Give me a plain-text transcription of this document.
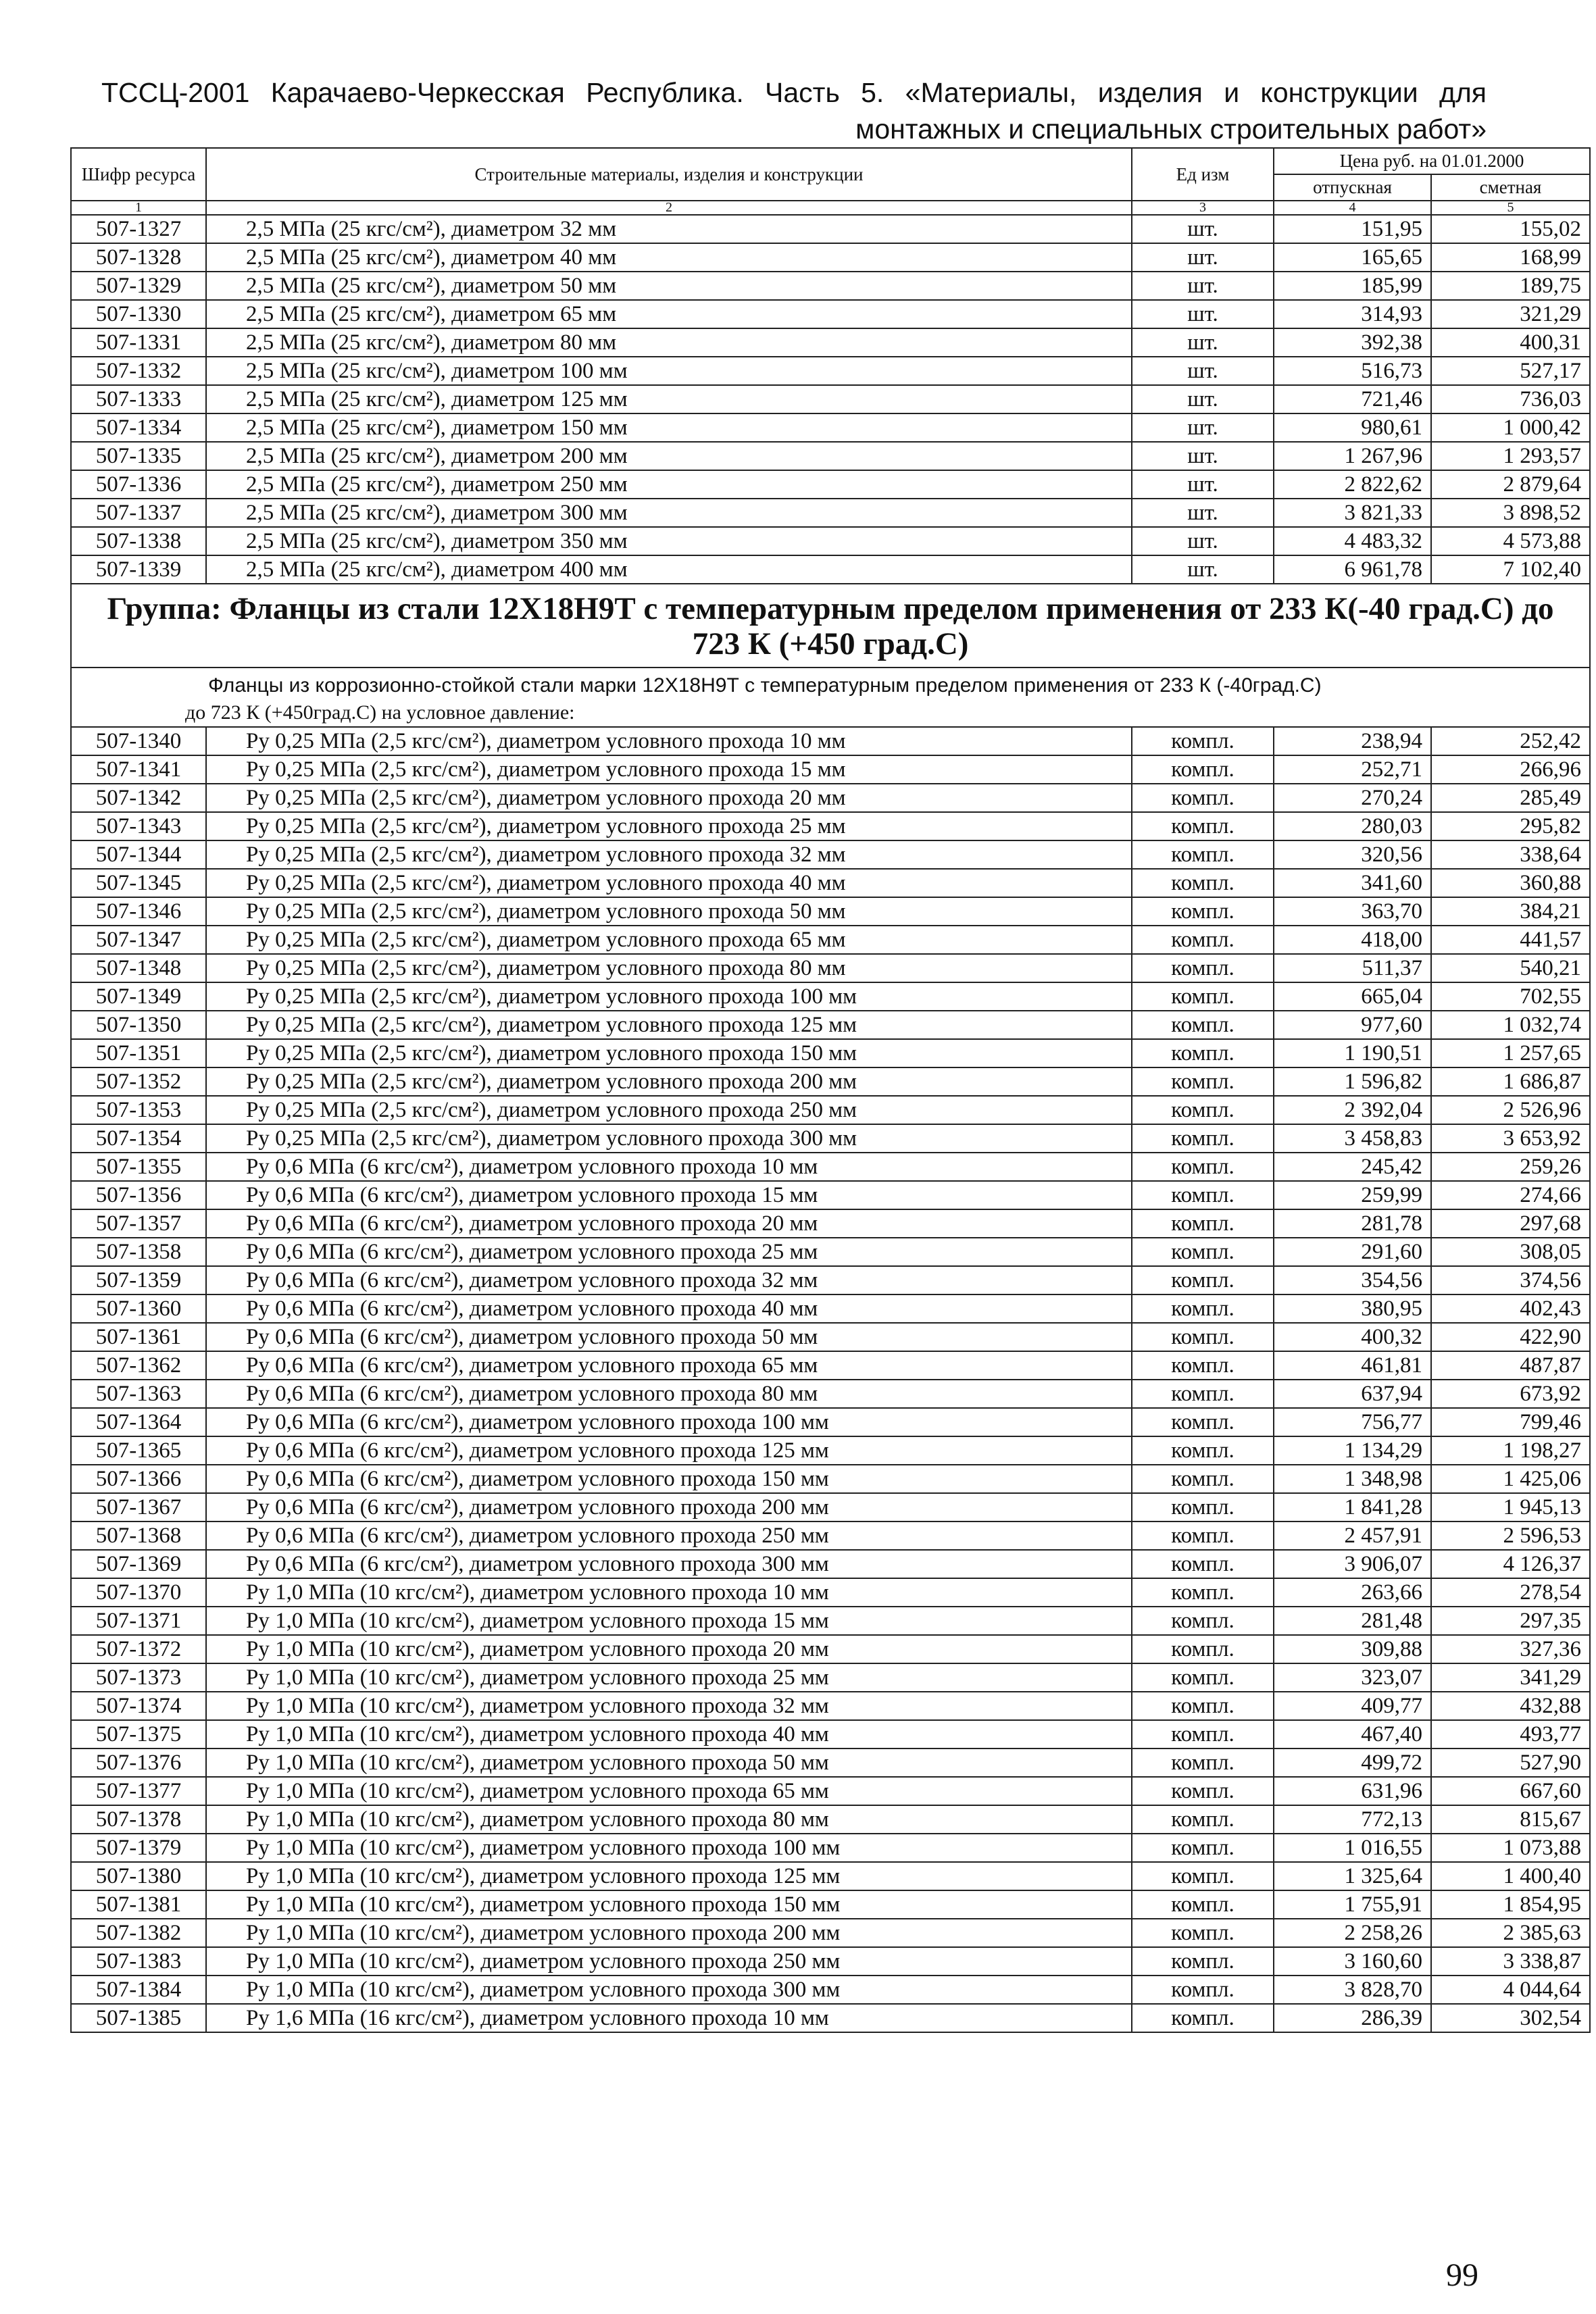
ТССЦ-2001 Карачаево-Черкесская Республика. Часть 5. «Материалы, изделия и конструкции для монтажных и специальных строительных работ»
Шифр ресурса	Строительные материалы, изделия и конструкции	Ед изм	Цена руб. на 01.01.2000	
			отпускная	сметная
1	2	3	4	5
507-1327	2,5 МПа (25 кгс/см²), диаметром 32 мм	шт.	151,95	155,02
507-1328	2,5 МПа (25 кгс/см²), диаметром 40 мм	шт.	165,65	168,99
507-1329	2,5 МПа (25 кгс/см²), диаметром 50 мм	шт.	185,99	189,75
507-1330	2,5 МПа (25 кгс/см²), диаметром 65 мм	шт.	314,93	321,29
507-1331	2,5 МПа (25 кгс/см²), диаметром 80 мм	шт.	392,38	400,31
507-1332	2,5 МПа (25 кгс/см²), диаметром 100 мм	шт.	516,73	527,17
507-1333	2,5 МПа (25 кгс/см²), диаметром 125 мм	шт.	721,46	736,03
507-1334	2,5 МПа (25 кгс/см²), диаметром 150 мм	шт.	980,61	1 000,42
507-1335	2,5 МПа (25 кгс/см²), диаметром 200 мм	шт.	1 267,96	1 293,57
507-1336	2,5 МПа (25 кгс/см²), диаметром 250 мм	шт.	2 822,62	2 879,64
507-1337	2,5 МПа (25 кгс/см²), диаметром 300 мм	шт.	3 821,33	3 898,52
507-1338	2,5 МПа (25 кгс/см²), диаметром 350 мм	шт.	4 483,32	4 573,88
507-1339	2,5 МПа (25 кгс/см²), диаметром 400 мм	шт.	6 961,78	7 102,40
Группа: Фланцы из стали 12Х18Н9Т с температурным пределом применения от 233 К(-40 град.С) до 723 К (+450 град.С)				
Фланцы из коррозионно-стойкой стали марки 12Х18Н9Т с температурным пределом применения от 233 К (-40град.С)
до 723 К (+450град.С) на условное давление:				

507-1340	Ру 0,25 МПа (2,5 кгс/см²), диаметром условного прохода 10 мм	компл.	238,94	252,42
507-1341	Ру 0,25 МПа (2,5 кгс/см²), диаметром условного прохода 15 мм	компл.	252,71	266,96
507-1342	Ру 0,25 МПа (2,5 кгс/см²), диаметром условного прохода 20 мм	компл.	270,24	285,49
507-1343	Ру 0,25 МПа (2,5 кгс/см²), диаметром условного прохода 25 мм	компл.	280,03	295,82
507-1344	Ру 0,25 МПа (2,5 кгс/см²), диаметром условного прохода 32 мм	компл.	320,56	338,64
507-1345	Ру 0,25 МПа (2,5 кгс/см²), диаметром условного прохода 40 мм	компл.	341,60	360,88
507-1346	Ру 0,25 МПа (2,5 кгс/см²), диаметром условного прохода 50 мм	компл.	363,70	384,21
507-1347	Ру 0,25 МПа (2,5 кгс/см²), диаметром условного прохода 65 мм	компл.	418,00	441,57
507-1348	Ру 0,25 МПа (2,5 кгс/см²), диаметром условного прохода 80 мм	компл.	511,37	540,21
507-1349	Ру 0,25 МПа (2,5 кгс/см²), диаметром условного прохода 100 мм	компл.	665,04	702,55
507-1350	Ру 0,25 МПа (2,5 кгс/см²), диаметром условного прохода 125 мм	компл.	977,60	1 032,74
507-1351	Ру 0,25 МПа (2,5 кгс/см²), диаметром условного прохода 150 мм	компл.	1 190,51	1 257,65
507-1352	Ру 0,25 МПа (2,5 кгс/см²), диаметром условного прохода 200 мм	компл.	1 596,82	1 686,87
507-1353	Ру 0,25 МПа (2,5 кгс/см²), диаметром условного прохода 250 мм	компл.	2 392,04	2 526,96
507-1354	Ру 0,25 МПа (2,5 кгс/см²), диаметром условного прохода 300 мм	компл.	3 458,83	3 653,92
507-1355	Ру 0,6 МПа (6 кгс/см²), диаметром условного прохода 10 мм	компл.	245,42	259,26
507-1356	Ру 0,6 МПа (6 кгс/см²), диаметром условного прохода 15 мм	компл.	259,99	274,66
507-1357	Ру 0,6 МПа (6 кгс/см²), диаметром условного прохода 20 мм	компл.	281,78	297,68
507-1358	Ру 0,6 МПа (6 кгс/см²), диаметром условного прохода 25 мм	компл.	291,60	308,05
507-1359	Ру 0,6 МПа (6 кгс/см²), диаметром условного прохода 32 мм	компл.	354,56	374,56
507-1360	Ру 0,6 МПа (6 кгс/см²), диаметром условного прохода 40 мм	компл.	380,95	402,43
507-1361	Ру 0,6 МПа (6 кгс/см²), диаметром условного прохода 50 мм	компл.	400,32	422,90
507-1362	Ру 0,6 МПа (6 кгс/см²), диаметром условного прохода 65 мм	компл.	461,81	487,87
507-1363	Ру 0,6 МПа (6 кгс/см²), диаметром условного прохода 80 мм	компл.	637,94	673,92
507-1364	Ру 0,6 МПа (6 кгс/см²), диаметром условного прохода 100 мм	компл.	756,77	799,46
507-1365	Ру 0,6 МПа (6 кгс/см²), диаметром условного прохода 125 мм	компл.	1 134,29	1 198,27
507-1366	Ру 0,6 МПа (6 кгс/см²), диаметром условного прохода 150 мм	компл.	1 348,98	1 425,06
507-1367	Ру 0,6 МПа (6 кгс/см²), диаметром условного прохода 200 мм	компл.	1 841,28	1 945,13
507-1368	Ру 0,6 МПа (6 кгс/см²), диаметром условного прохода 250 мм	компл.	2 457,91	2 596,53
507-1369	Ру 0,6 МПа (6 кгс/см²), диаметром условного прохода 300 мм	компл.	3 906,07	4 126,37
507-1370	Ру 1,0 МПа (10 кгс/см²), диаметром условного прохода 10 мм	компл.	263,66	278,54
507-1371	Ру 1,0 МПа (10 кгс/см²), диаметром условного прохода 15 мм	компл.	281,48	297,35
507-1372	Ру 1,0 МПа (10 кгс/см²), диаметром условного прохода 20 мм	компл.	309,88	327,36
507-1373	Ру 1,0 МПа (10 кгс/см²), диаметром условного прохода 25 мм	компл.	323,07	341,29
507-1374	Ру 1,0 МПа (10 кгс/см²), диаметром условного прохода 32 мм	компл.	409,77	432,88
507-1375	Ру 1,0 МПа (10 кгс/см²), диаметром условного прохода 40 мм	компл.	467,40	493,77
507-1376	Ру 1,0 МПа (10 кгс/см²), диаметром условного прохода 50 мм	компл.	499,72	527,90
507-1377	Ру 1,0 МПа (10 кгс/см²), диаметром условного прохода 65 мм	компл.	631,96	667,60
507-1378	Ру 1,0 МПа (10 кгс/см²), диаметром условного прохода 80 мм	компл.	772,13	815,67
507-1379	Ру 1,0 МПа (10 кгс/см²), диаметром условного прохода 100 мм	компл.	1 016,55	1 073,88
507-1380	Ру 1,0 МПа (10 кгс/см²), диаметром условного прохода 125 мм	компл.	1 325,64	1 400,40
507-1381	Ру 1,0 МПа (10 кгс/см²), диаметром условного прохода 150 мм	компл.	1 755,91	1 854,95
507-1382	Ру 1,0 МПа (10 кгс/см²), диаметром условного прохода 200 мм	компл.	2 258,26	2 385,63
507-1383	Ру 1,0 МПа (10 кгс/см²), диаметром условного прохода 250 мм	компл.	3 160,60	3 338,87
507-1384	Ру 1,0 МПа (10 кгс/см²), диаметром условного прохода 300 мм	компл.	3 828,70	4 044,64
507-1385	Ру 1,6 МПа (16 кгс/см²), диаметром условного прохода 10 мм	компл.	286,39	302,54
99
